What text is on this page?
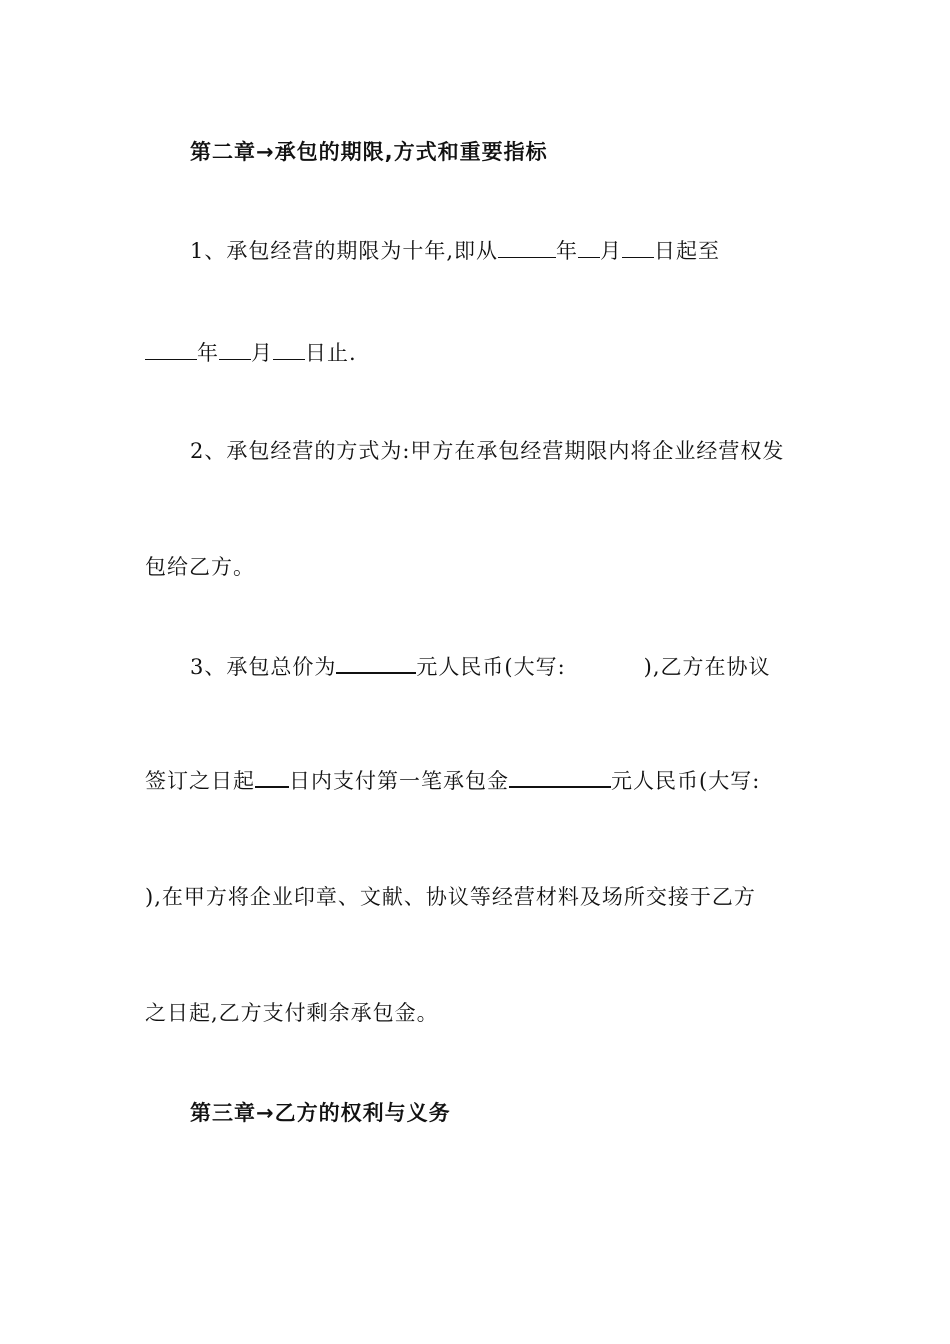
第二章→承包的期限,方式和重要指标
1、承包经营的期限为十年,即从	年 月 日起至
年 月 日止.
2、承包经营的方式为:甲方在承包经营期限内将企业经营权发
包给乙方。
3、承包总价为	元人民币(大写:	),乙方在协议
签订之日起 日内支付第一笔承包金	元人民币(大写:
),在甲方将企业印章、文献、协议等经营材料及场所交接于乙方
之日起,乙方支付剩余承包金。
第三章→乙方的权利与义务
